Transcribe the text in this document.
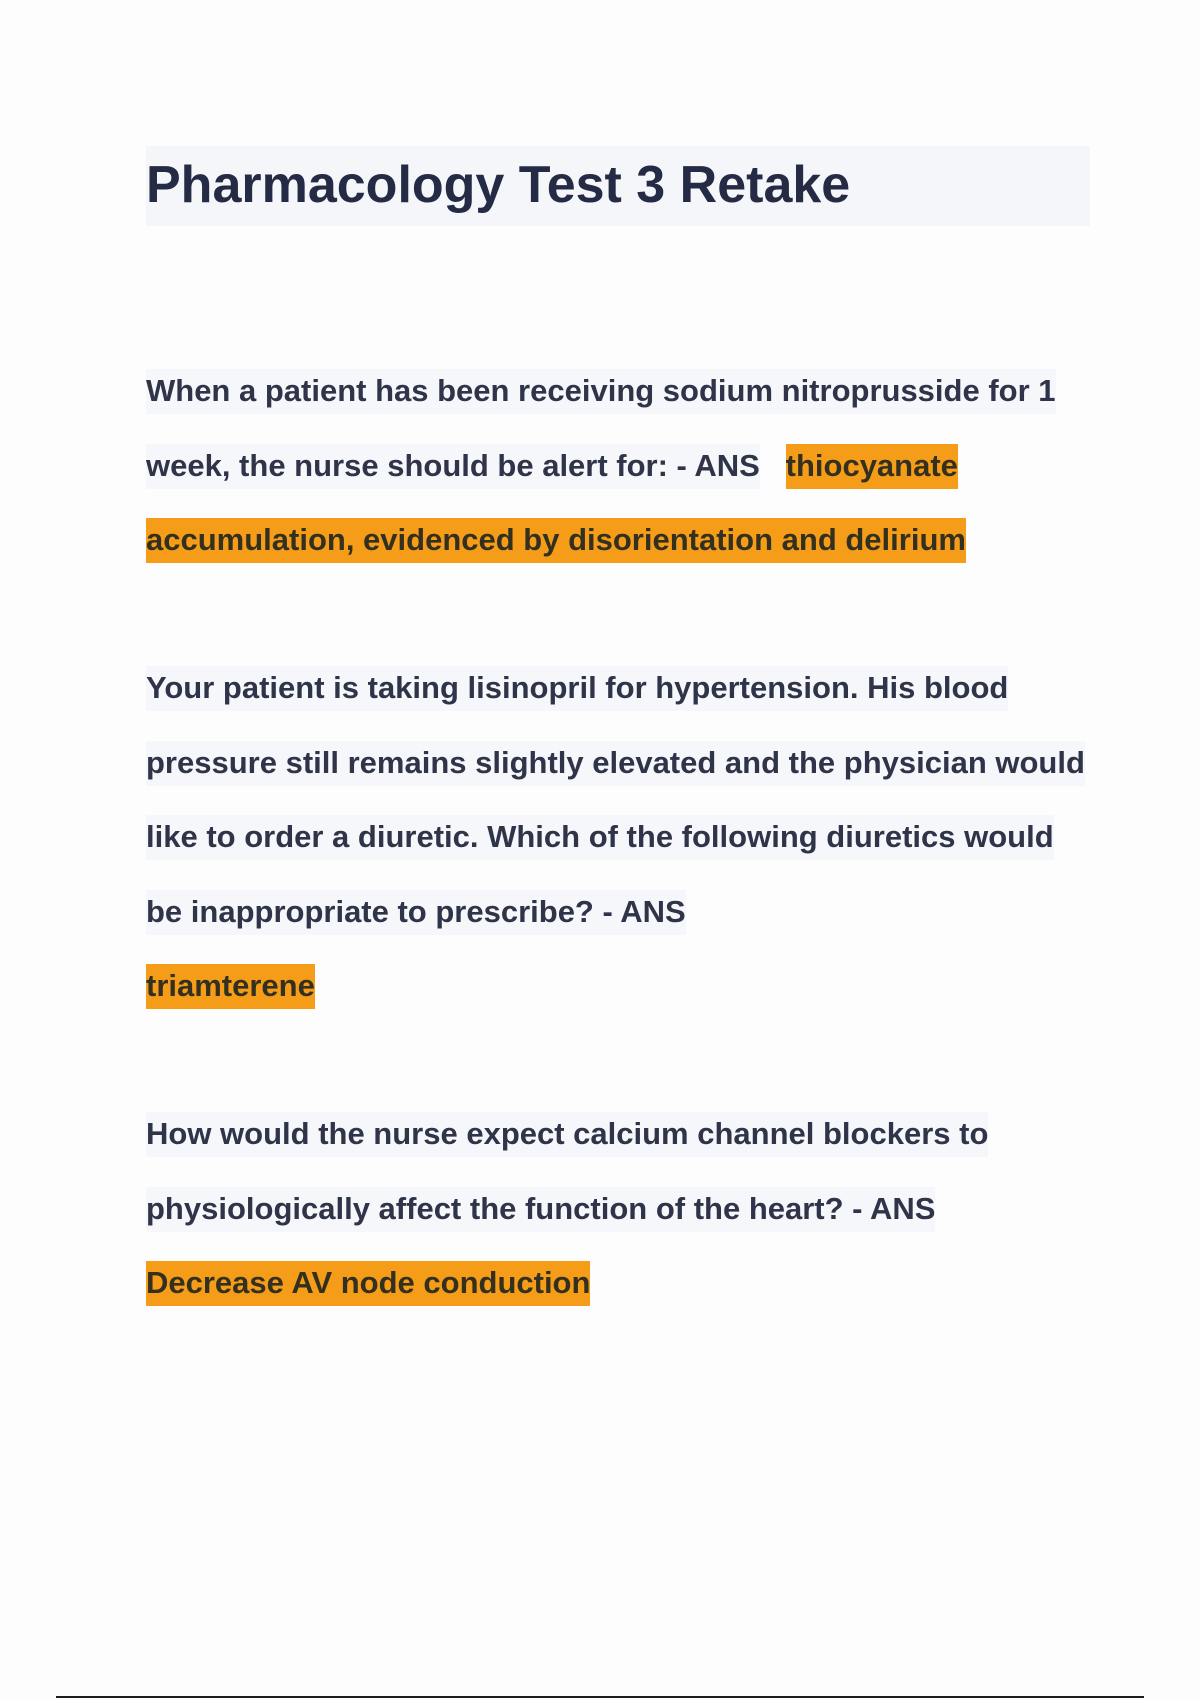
Pharmacology Test 3 Retake

When a patient has been receiving sodium nitroprusside for 1 week, the nurse should be alert for: - ANS thiocyanate accumulation, evidenced by disorientation and delirium

Your patient is taking lisinopril for hypertension. His blood pressure still remains slightly elevated and the physician would like to order a diuretic. Which of the following diuretics would be inappropriate to prescribe? - ANS
triamterene

How would the nurse expect calcium channel blockers to physiologically affect the function of the heart? - ANS
Decrease AV node conduction
